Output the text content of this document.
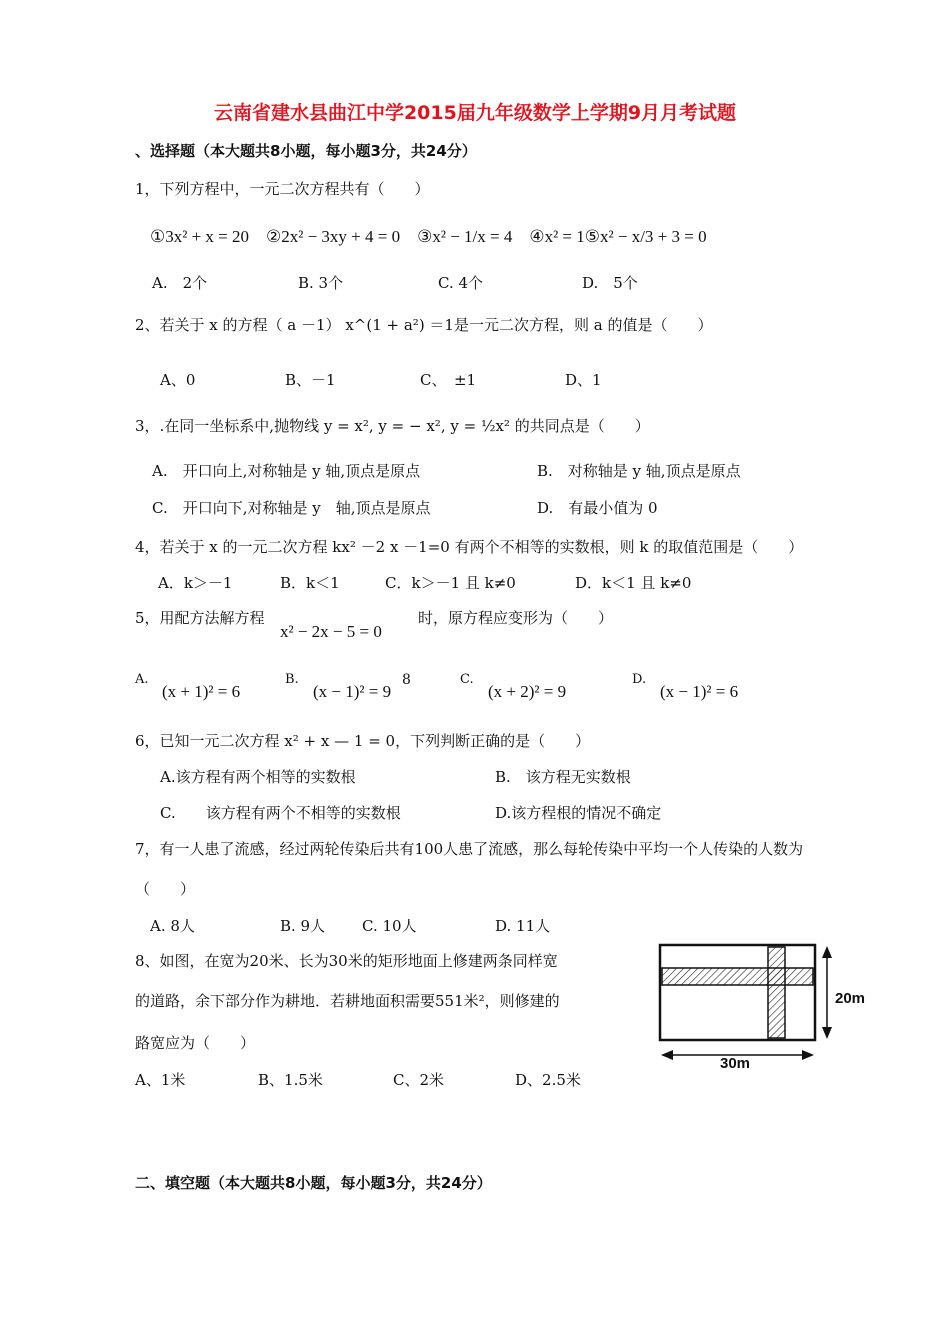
云南省建水县曲江中学2015届九年级数学上学期9月月考试题
、选择题（本大题共8小题，每小题3分，共24分）
1，下列方程中，一元二次方程共有（　　）
①3x² + x = 20　②2x² − 3xy + 4 = 0　③x² − 1/x = 4　④x² = 1⑤x² − x/3 + 3 = 0
A.　2个	B. 3个	C. 4个	D.　5个
2、若关于 x 的方程（ a －1） x^(1 + a²) ＝1是一元二次方程，则 a 的值是（　　）
A、0	B、－1	C、　±1	D、1
3，.在同一坐标系中,抛物线 y = x², y = − x², y = ½x² 的共同点是（　　）
A.　开口向上,对称轴是 y 轴,顶点是原点	B.　对称轴是 y 轴,顶点是原点
C.　开口向下,对称轴是 y　轴,顶点是原点	D.　有最小值为 0
4，若关于 x 的一元二次方程 kx² －2 x －1=0 有两个不相等的实数根，则 k 的取值范围是（　　）
A．k＞－1	B．k＜1	C．k＞－1 且 k≠0	D．k＜1 且 k≠0
5，用配方法解方程
x² − 2x − 5 = 0
时，原方程应变形为（　　）
A.
(x + 1)² = 6
B.
(x − 1)² = 9
8	C.
(x + 2)² = 9
D.
(x − 1)² = 6
6，已知一元二次方程 x² + x — 1 = 0，下列判断正确的是（　　）
A.该方程有两个相等的实数根	B.　该方程无实数根
C.　　该方程有两个不相等的实数根	D.该方程根的情况不确定
7，有一人患了流感，经过两轮传染后共有100人患了流感，那么每轮传染中平均一个人传染的人数为
（　　）
A. 8人	B. 9人 C. 10人	D. 11人
8、如图，在宽为20米、长为30米的矩形地面上修建两条同样宽
的道路，余下部分作为耕地．若耕地面积需要551米²，则修建的
路宽应为（　　）
A、1米	B、1.5米	C、2米	D、2.5米
20m
30m
二、填空题（本大题共8小题，每小题3分，共24分）
